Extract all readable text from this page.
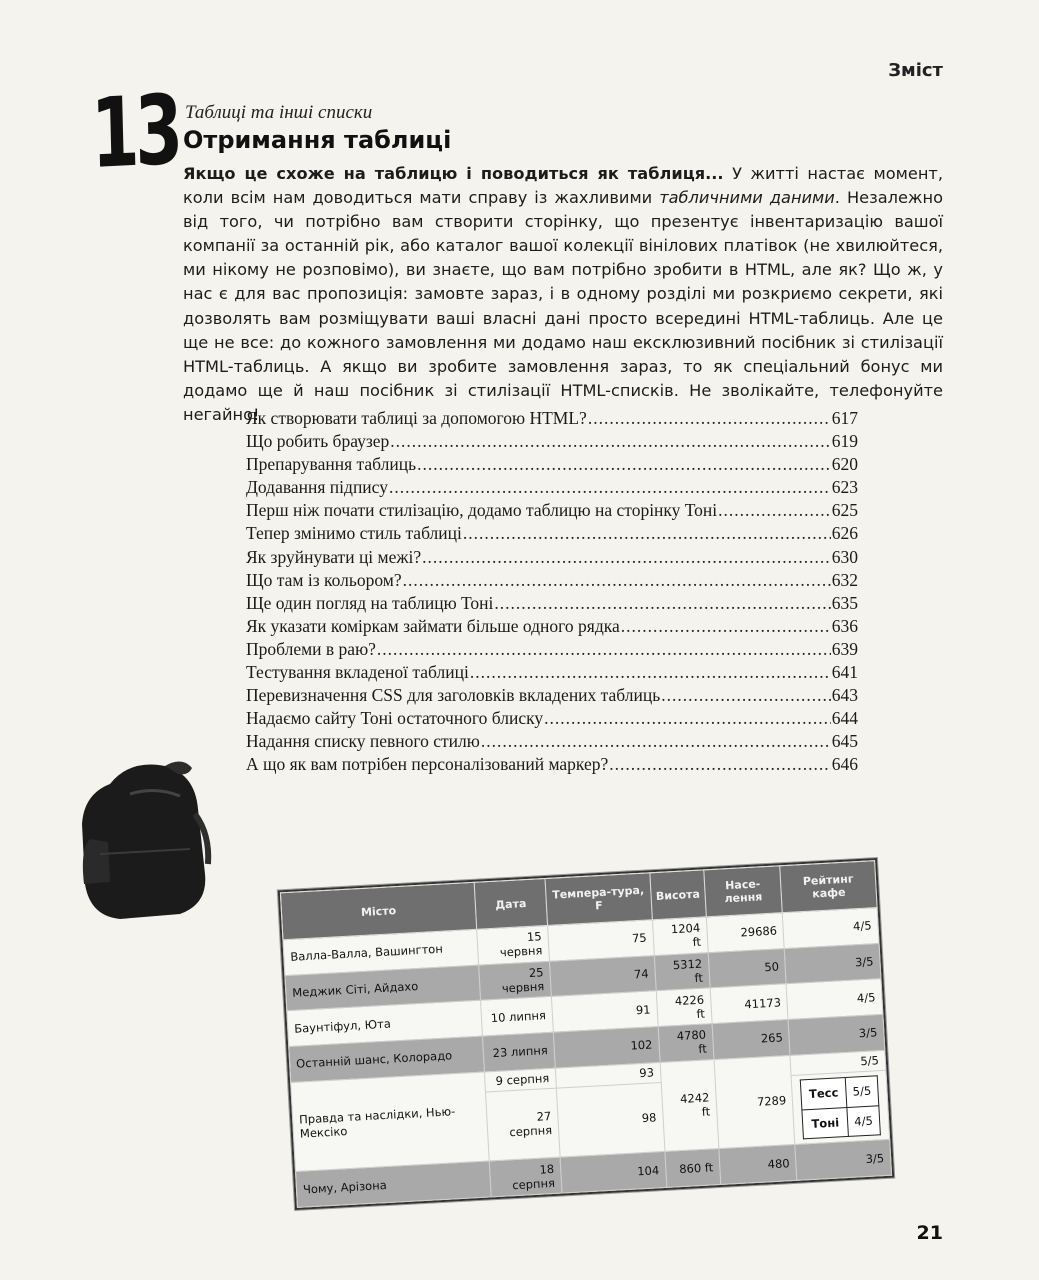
Зміст
13 Таблиці та інші списки
Отримання таблиці

Якщо це схоже на таблицю і поводиться як таблиця... У житті настає момент, коли всім нам доводиться мати справу із жахливими табличними даними. Незалежно від того, чи потрібно вам створити сторінку, що презентує інвентаризацію вашої компанії за останній рік, або каталог вашої колекції вінілових платівок (не хвилюйтеся, ми нікому не розповімо), ви знаєте, що вам потрібно зробити в HTML, але як? Що ж, у нас є для вас пропозиція: замовте зараз, і в одному розділі ми розкриємо секрети, які дозволять вам розміщувати ваші власні дані просто всередині HTML-таблиць. Але це ще не все: до кожного замовлення ми додамо наш ексклюзивний посібник зі стилізації HTML-таблиць. А якщо ви зробите замовлення зараз, то як спеціальний бонус ми додамо ще й наш посібник зі стилізації HTML-списків. Не зволікайте, телефонуйте негайно!

Як створювати таблиці за допомогою HTML? .....	617
Що робить браузер .....	619
Препарування таблиць .....	620
Додавання підпису .....	623
Перш ніж почати стилізацію, додамо таблицю на сторінку Тоні .....	625
Тепер змінимо стиль таблиці .....	626
Як зруйнувати ці межі? .....	630
Що там із кольором? .....	632
Ще один погляд на таблицю Тоні .....	635
Як указати коміркам займати більше одного рядка .....	636
Проблеми в раю? .....	639
Тестування вкладеної таблиці .....	641
Перевизначення CSS для заголовків вкладених таблиць .....	643
Надаємо сайту Тоні остаточного блиску .....	644
Надання списку певного стилю .....	645
А що як вам потрібен персоналізований маркер? .....	646
Місто	Дата	Темпера-тура, F	Висота	Насе-лення	Рейтинг кафе
Валла-Валла, Вашингтон	15 червня	75	1204 ft	29686	4/5
Меджик Сіті, Айдахо	25 червня	74	5312 ft	50	3/5
Баунтіфул, Юта	10 липня	91	4226 ft	41173	4/5
Останній шанс, Колорадо	23 липня	102	4780 ft	265	3/5
Правда та наслідки, Нью-Мексіко	9 серпня	93	4242 ft	7289	5/5
27 серпня	98	
Тесс	5/5
Тоні	4/5

Чому, Арізона	18 серпня	104	860 ft	480	3/5
21
